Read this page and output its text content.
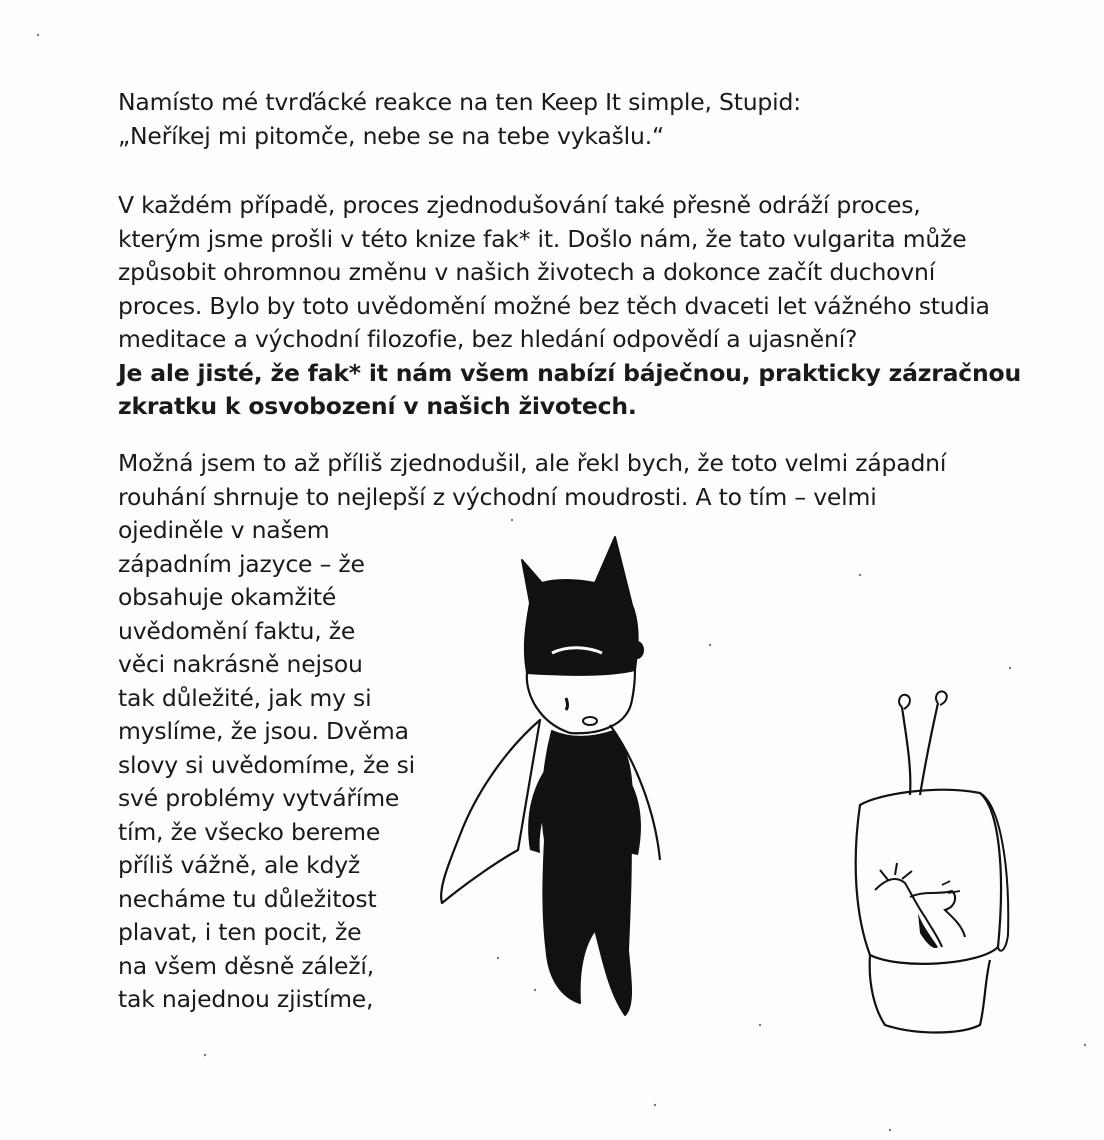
Namísto mé tvrďácké reakce na ten Keep It simple, Stupid:
„Neříkej mi pitomče, nebe se na tebe vykašlu.“
V každém případě, proces zjednodušování také přesně odráží proces,
kterým jsme prošli v této knize fak* it. Došlo nám, že tato vulgarita může
způsobit ohromnou změnu v našich životech a dokonce začít duchovní
proces. Bylo by toto uvědomění možné bez těch dvaceti let vážného studia
meditace a východní filozofie, bez hledání odpovědí a ujasnění?
Je ale jisté, že fak* it nám všem nabízí báječnou, prakticky zázračnou
zkratku k osvobození v našich životech.
Možná jsem to až příliš zjednodušil, ale řekl bych, že toto velmi západní
rouhání shrnuje to nejlepší z východní moudrosti. A to tím – velmi
ojediněle v našem
západním jazyce – že
obsahuje okamžité
uvědomění faktu, že
věci nakrásně nejsou
tak důležité, jak my si
myslíme, že jsou. Dvěma
slovy si uvědomíme, že si
své problémy vytváříme
tím, že všecko bereme
příliš vážně, ale když
necháme tu důležitost
plavat, i ten pocit, že
na všem děsně záleží,
tak najednou zjistíme,
